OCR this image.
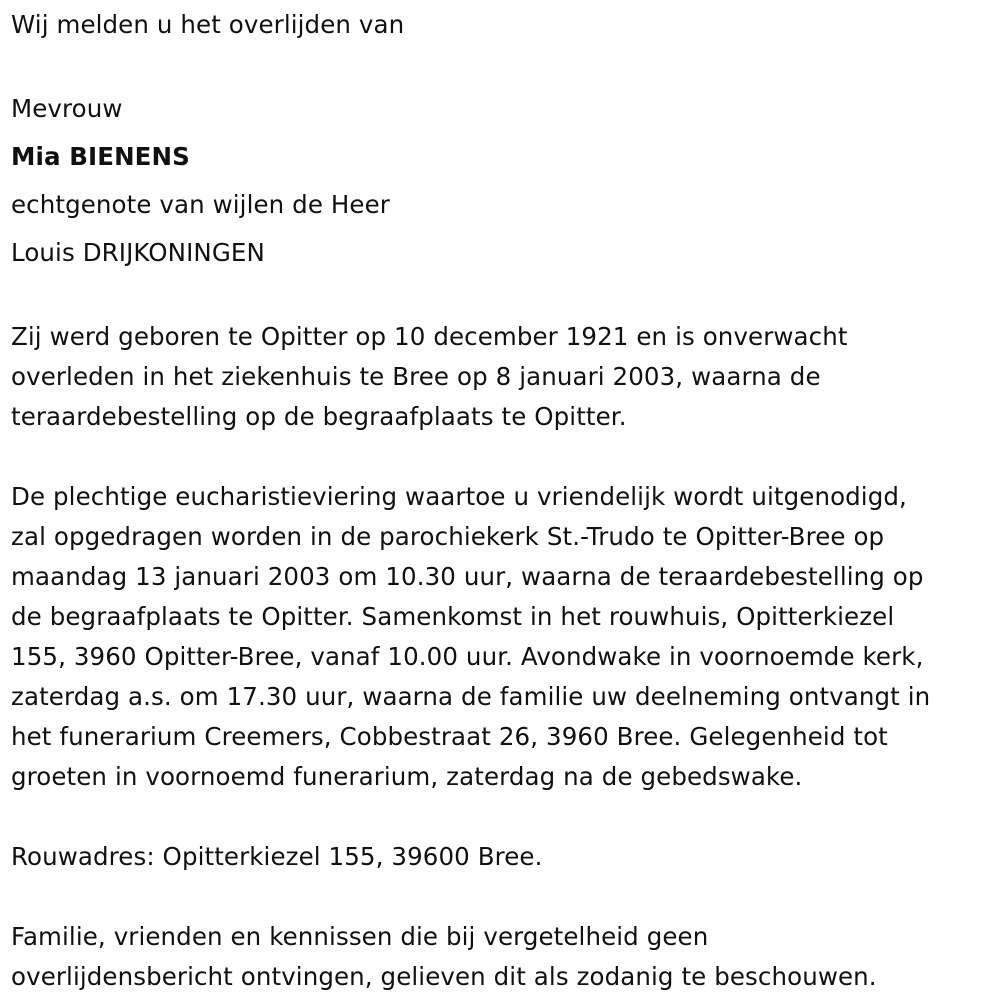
Wij melden u het overlijden van
Mevrouw
Mia BIENENS
echtgenote van wijlen de Heer
Louis DRIJKONINGEN
Zij werd geboren te Opitter op 10 december 1921 en is onverwacht
overleden in het ziekenhuis te Bree op 8 januari 2003, waarna de
teraardebestelling op de begraafplaats te Opitter.
De plechtige eucharistieviering waartoe u vriendelijk wordt uitgenodigd,
zal opgedragen worden in de parochiekerk St.-Trudo te Opitter-Bree op
maandag 13 januari 2003 om 10.30 uur, waarna de teraardebestelling op
de begraafplaats te Opitter. Samenkomst in het rouwhuis, Opitterkiezel
155, 3960 Opitter-Bree, vanaf 10.00 uur. Avondwake in voornoemde kerk,
zaterdag a.s. om 17.30 uur, waarna de familie uw deelneming ontvangt in
het funerarium Creemers, Cobbestraat 26, 3960 Bree. Gelegenheid tot
groeten in voornoemd funerarium, zaterdag na de gebedswake.
Rouwadres: Opitterkiezel 155, 39600 Bree.
Familie, vrienden en kennissen die bij vergetelheid geen
overlijdensbericht ontvingen, gelieven dit als zodanig te beschouwen.
